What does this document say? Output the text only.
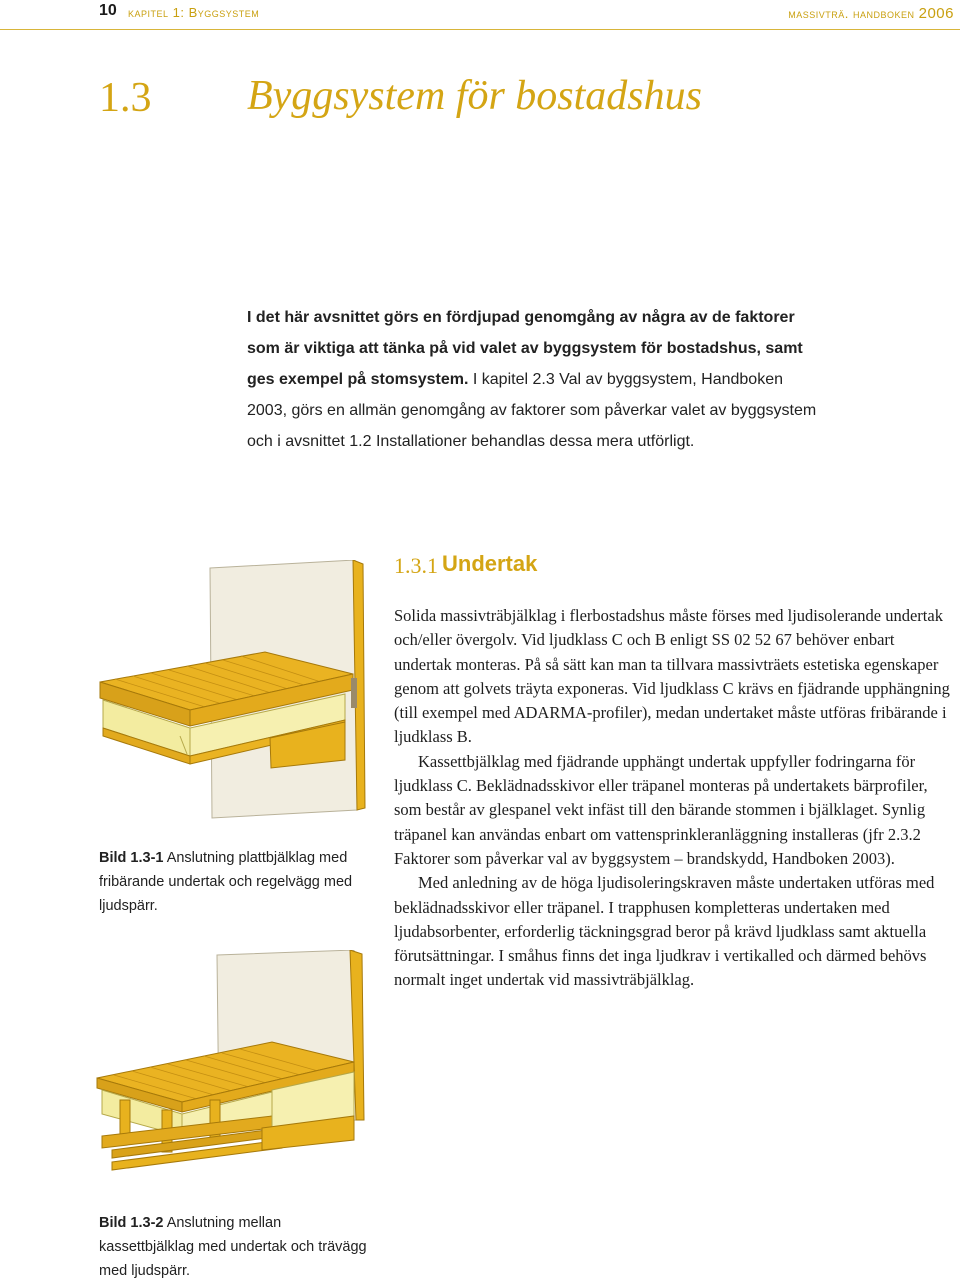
10 kapitel 1: Byggsystem	massivträ. handboken 2006
1.3 Byggsystem för bostadshus
I det här avsnittet görs en fördjupad genomgång av några av de faktorer som är viktiga att tänka på vid valet av byggsystem för bostadshus, samt ges exempel på stomsystem. I kapitel 2.3 Val av byggsystem, Handboken 2003, görs en allmän genomgång av faktorer som påverkar valet av byggsystem och i avsnittet 1.2 Installationer behandlas dessa mera utförligt.
Bild 1.3-1 Anslutning plattbjälklag med fribärande undertak och regelvägg med ljudspärr.
1.3.1 Undertak

Solida massivträbjälklag i flerbostadshus måste förses med ljudisolerande undertak och/eller övergolv. Vid ljudklass C och B enligt SS 02 52 67 behöver enbart undertak monteras. På så sätt kan man ta tillvara massivträets estetiska egenskaper genom att golvets träyta exponeras. Vid ljudklass C krävs en fjädrande upphängning (till exempel med ADARMA-profiler), medan undertaket måste utföras fribärande i ljudklass B.

Kassettbjälklag med fjädrande upphängt undertak uppfyller fodringarna för ljudklass C. Beklädnadsskivor eller träpanel monteras på undertakets bärprofiler, som består av glespanel vekt infäst till den bärande stommen i bjälklaget. Synlig träpanel kan användas enbart om vattensprinkleranläggning installeras (jfr 2.3.2 Faktorer som påverkar val av byggsystem – brandskydd, Handboken 2003).

Med anledning av de höga ljudisoleringskraven måste undertaken utföras med beklädnadsskivor eller träpanel. I trapphusen kompletteras undertaken med ljudabsorbenter, erforderlig täckningsgrad beror på krävd ljudklass samt aktuella förutsättningar. I småhus finns det inga ljudkrav i vertikalled och därmed behövs normalt inget undertak vid massivträbjälklag.

Bild 1.3-2 Anslutning mellan kassettbjälklag med undertak och trävägg med ljudspärr.
